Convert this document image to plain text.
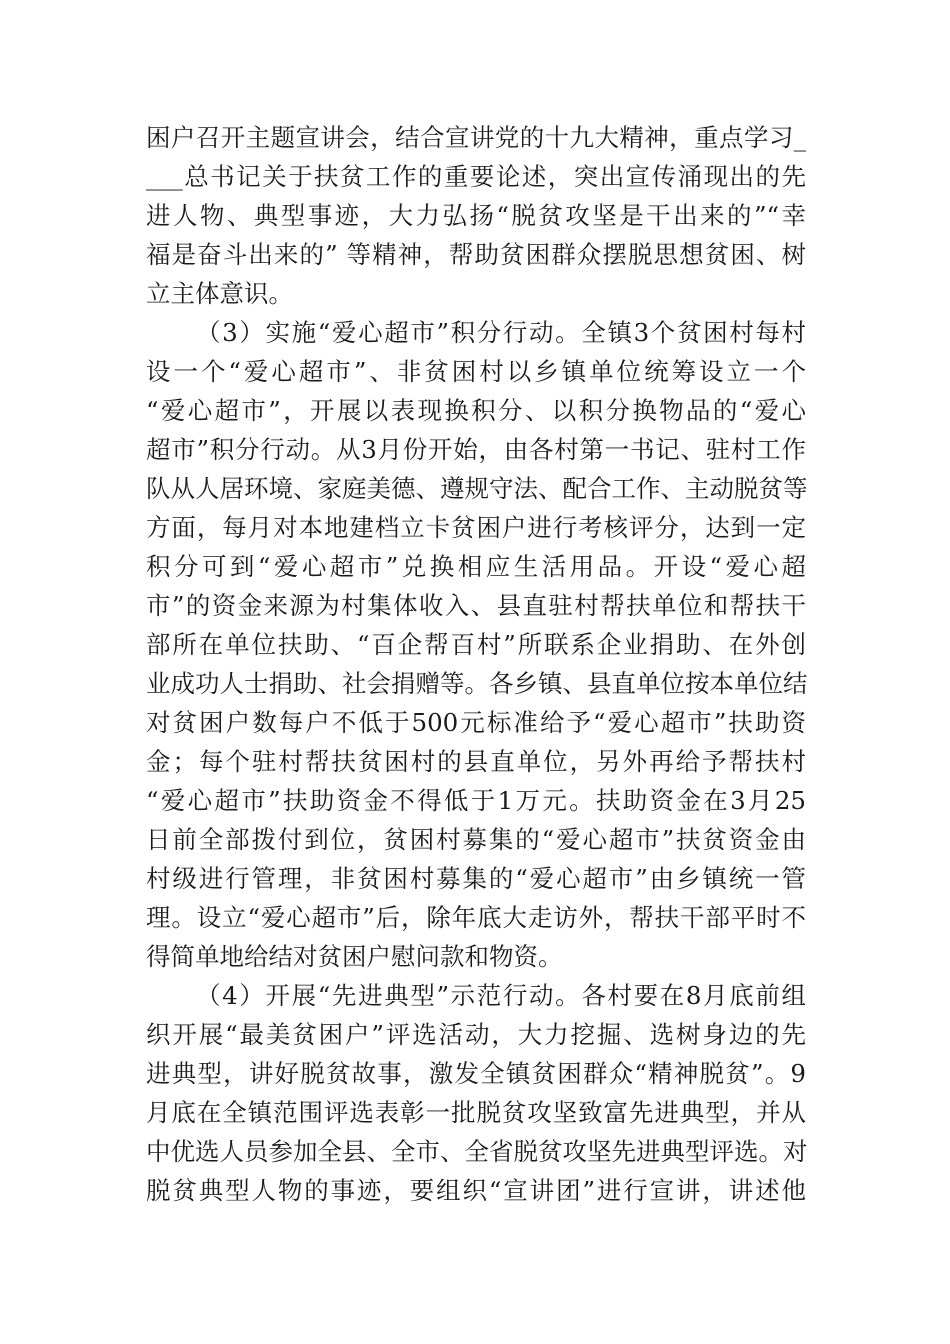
困户召开主题宣讲会，结合宣讲党的十九大精神，重点学习_
___总书记关于扶贫工作的重要论述，突出宣传涌现出的先
进人物、典型事迹，大力弘扬“脱贫攻坚是干出来的”“幸
福是奋斗出来的” 等精神，帮助贫困群众摆脱思想贫困、树
立主体意识。
（3）实施“爱心超市”积分行动。全镇3个贫困村每村
设一个“爱心超市”、非贫困村以乡镇单位统筹设立一个
“爱心超市”，开展以表现换积分、以积分换物品的“爱心
超市”积分行动。从3月份开始，由各村第一书记、驻村工作
队从人居环境、家庭美德、遵规守法、配合工作、主动脱贫等
方面，每月对本地建档立卡贫困户进行考核评分，达到一定
积分可到“爱心超市”兑换相应生活用品。开设“爱心超
市”的资金来源为村集体收入、县直驻村帮扶单位和帮扶干
部所在单位扶助、“百企帮百村”所联系企业捐助、在外创
业成功人士捐助、社会捐赠等。各乡镇、县直单位按本单位结
对贫困户数每户不低于500元标准给予“爱心超市”扶助资
金；每个驻村帮扶贫困村的县直单位，另外再给予帮扶村
“爱心超市”扶助资金不得低于1万元。扶助资金在3月25
日前全部拨付到位，贫困村募集的“爱心超市”扶贫资金由
村级进行管理，非贫困村募集的“爱心超市”由乡镇统一管
理。设立“爱心超市”后，除年底大走访外，帮扶干部平时不
得简单地给结对贫困户慰问款和物资。
（4）开展“先进典型”示范行动。各村要在8月底前组
织开展“最美贫困户”评选活动，大力挖掘、选树身边的先
进典型，讲好脱贫故事，激发全镇贫困群众“精神脱贫”。9
月底在全镇范围评选表彰一批脱贫攻坚致富先进典型，并从
中优选人员参加全县、全市、全省脱贫攻坚先进典型评选。对
脱贫典型人物的事迹，要组织“宣讲团”进行宣讲，讲述他
